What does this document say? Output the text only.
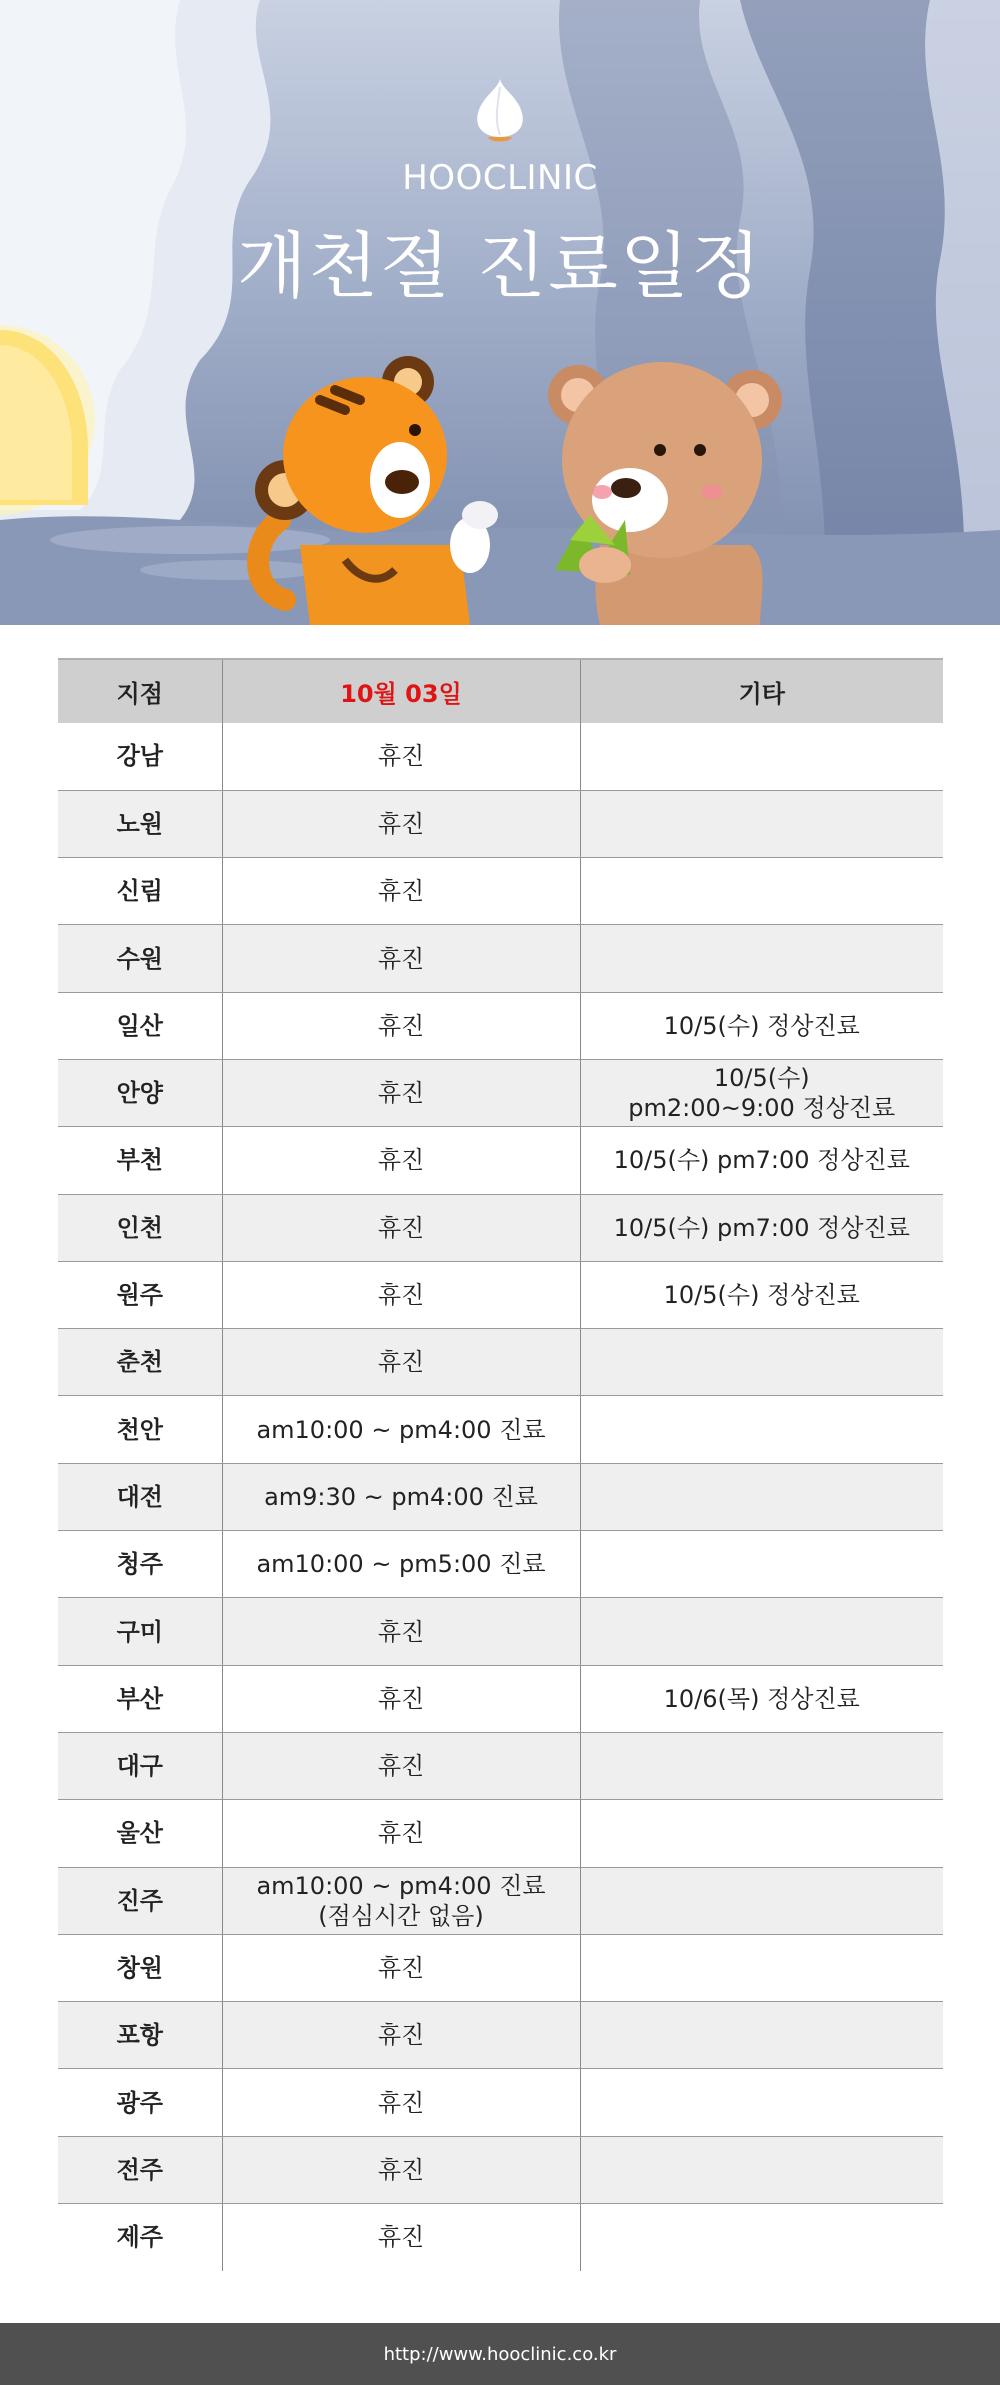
HOOCLINIC
개천절 진료일정
지점	10월 03일	기타
강남	휴진	

노원	휴진	

신림	휴진	

수원	휴진	

일산	휴진	10/5(수) 정상진료

안양	휴진	10/5(수)
pm2:00~9:00 정상진료

부천	휴진	10/5(수) pm7:00 정상진료

인천	휴진	10/5(수) pm7:00 정상진료

원주	휴진	10/5(수) 정상진료

춘천	휴진	

천안	am10:00 ~ pm4:00 진료	

대전	am9:30 ~ pm4:00 진료	

청주	am10:00 ~ pm5:00 진료	

구미	휴진	

부산	휴진	10/6(목) 정상진료

대구	휴진	

울산	휴진	

진주	am10:00 ~ pm4:00 진료
(점심시간 없음)	

창원	휴진	

포항	휴진	

광주	휴진	

전주	휴진	

제주	휴진	

http://www.hooclinic.co.kr
